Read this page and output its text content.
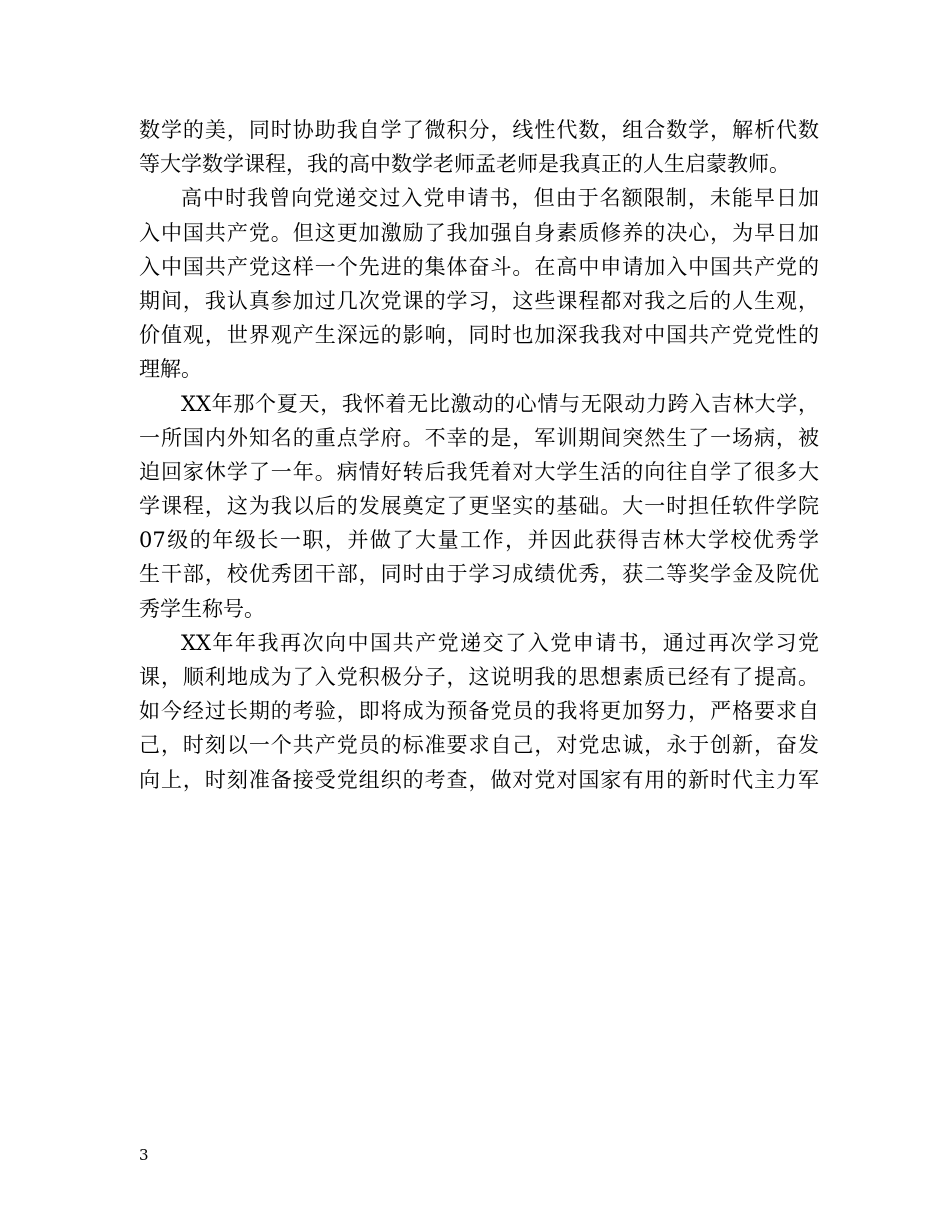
数学的美，同时协助我自学了微积分，线性代数，组合数学，解析代数
等大学数学课程，我的高中数学老师孟老师是我真正的人生启蒙教师。
高中时我曾向党递交过入党申请书，但由于名额限制，未能早日加
入中国共产党。但这更加激励了我加强自身素质修养的决心，为早日加
入中国共产党这样一个先进的集体奋斗。在高中申请加入中国共产党的
期间，我认真参加过几次党课的学习，这些课程都对我之后的人生观，
价值观，世界观产生深远的影响，同时也加深我我对中国共产党党性的
理解。
XX年那个夏天，我怀着无比激动的心情与无限动力跨入吉林大学，
一所国内外知名的重点学府。不幸的是，军训期间突然生了一场病，被
迫回家休学了一年。病情好转后我凭着对大学生活的向往自学了很多大
学课程，这为我以后的发展奠定了更坚实的基础。大一时担任软件学院
07级的年级长一职，并做了大量工作，并因此获得吉林大学校优秀学
生干部，校优秀团干部，同时由于学习成绩优秀，获二等奖学金及院优
秀学生称号。
XX年年我再次向中国共产党递交了入党申请书，通过再次学习党
课，顺利地成为了入党积极分子，这说明我的思想素质已经有了提高。
如今经过长期的考验，即将成为预备党员的我将更加努力，严格要求自
己，时刻以一个共产党员的标准要求自己，对党忠诚，永于创新，奋发
向上，时刻准备接受党组织的考查，做对党对国家有用的新时代主力军
3
